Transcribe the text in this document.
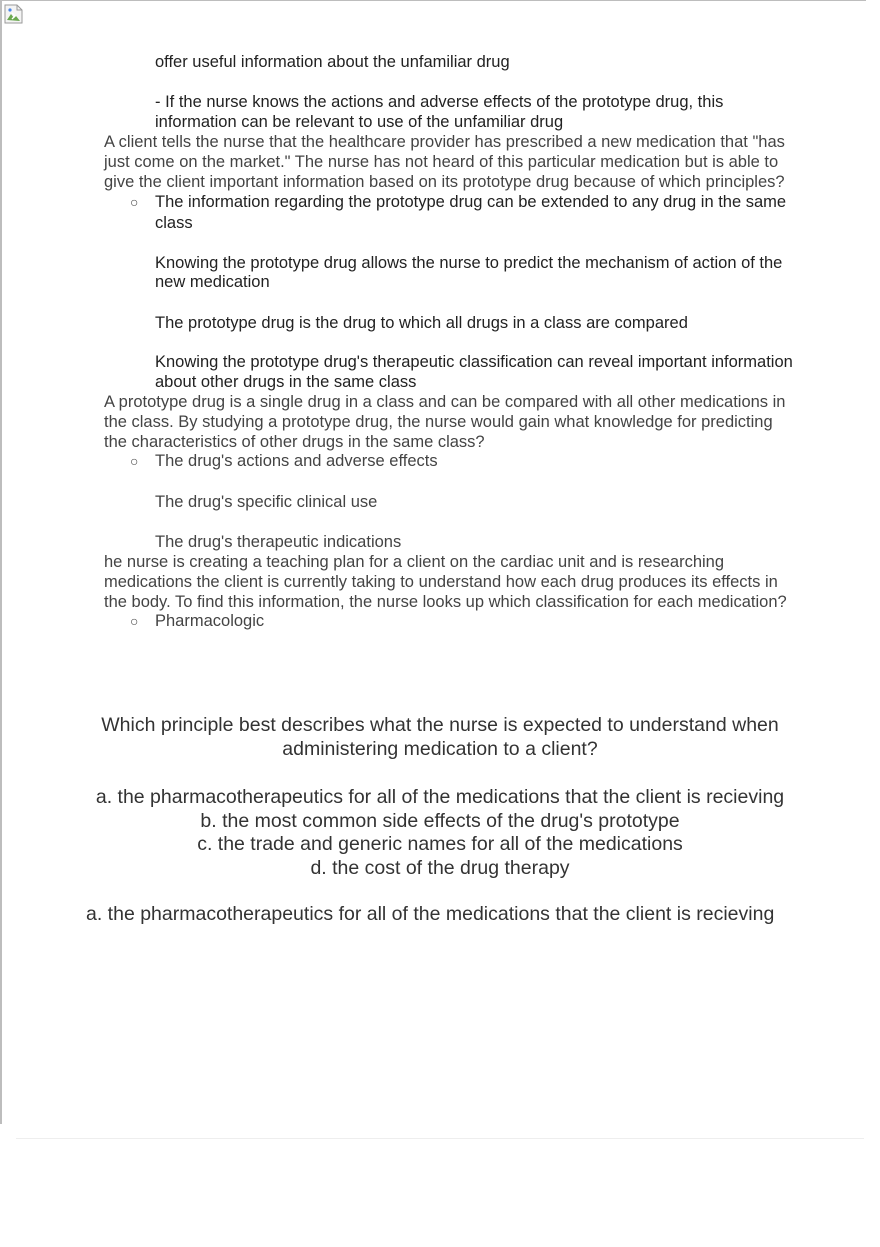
offer useful information about the unfamiliar drug
- If the nurse knows the actions and adverse effects of the prototype drug, this
information can be relevant to use of the unfamiliar drug
A client tells the nurse that the healthcare provider has prescribed a new medication that "has
just come on the market." The nurse has not heard of this particular medication but is able to
give the client important information based on its prototype drug because of which principles?
○ The information regarding the prototype drug can be extended to any drug in the same
class
Knowing the prototype drug allows the nurse to predict the mechanism of action of the
new medication
The prototype drug is the drug to which all drugs in a class are compared
Knowing the prototype drug's therapeutic classification can reveal important information
about other drugs in the same class
A prototype drug is a single drug in a class and can be compared with all other medications in
the class. By studying a prototype drug, the nurse would gain what knowledge for predicting
the characteristics of other drugs in the same class?
○ The drug's actions and adverse effects
The drug's specific clinical use
The drug's therapeutic indications
he nurse is creating a teaching plan for a client on the cardiac unit and is researching
medications the client is currently taking to understand how each drug produces its effects in
the body. To find this information, the nurse looks up which classification for each medication?
○ Pharmacologic
Which principle best describes what the nurse is expected to understand when
administering medication to a client?
a. the pharmacotherapeutics for all of the medications that the client is recieving
b. the most common side effects of the drug's prototype
c. the trade and generic names for all of the medications
d. the cost of the drug therapy
a. the pharmacotherapeutics for all of the medications that the client is recieving
